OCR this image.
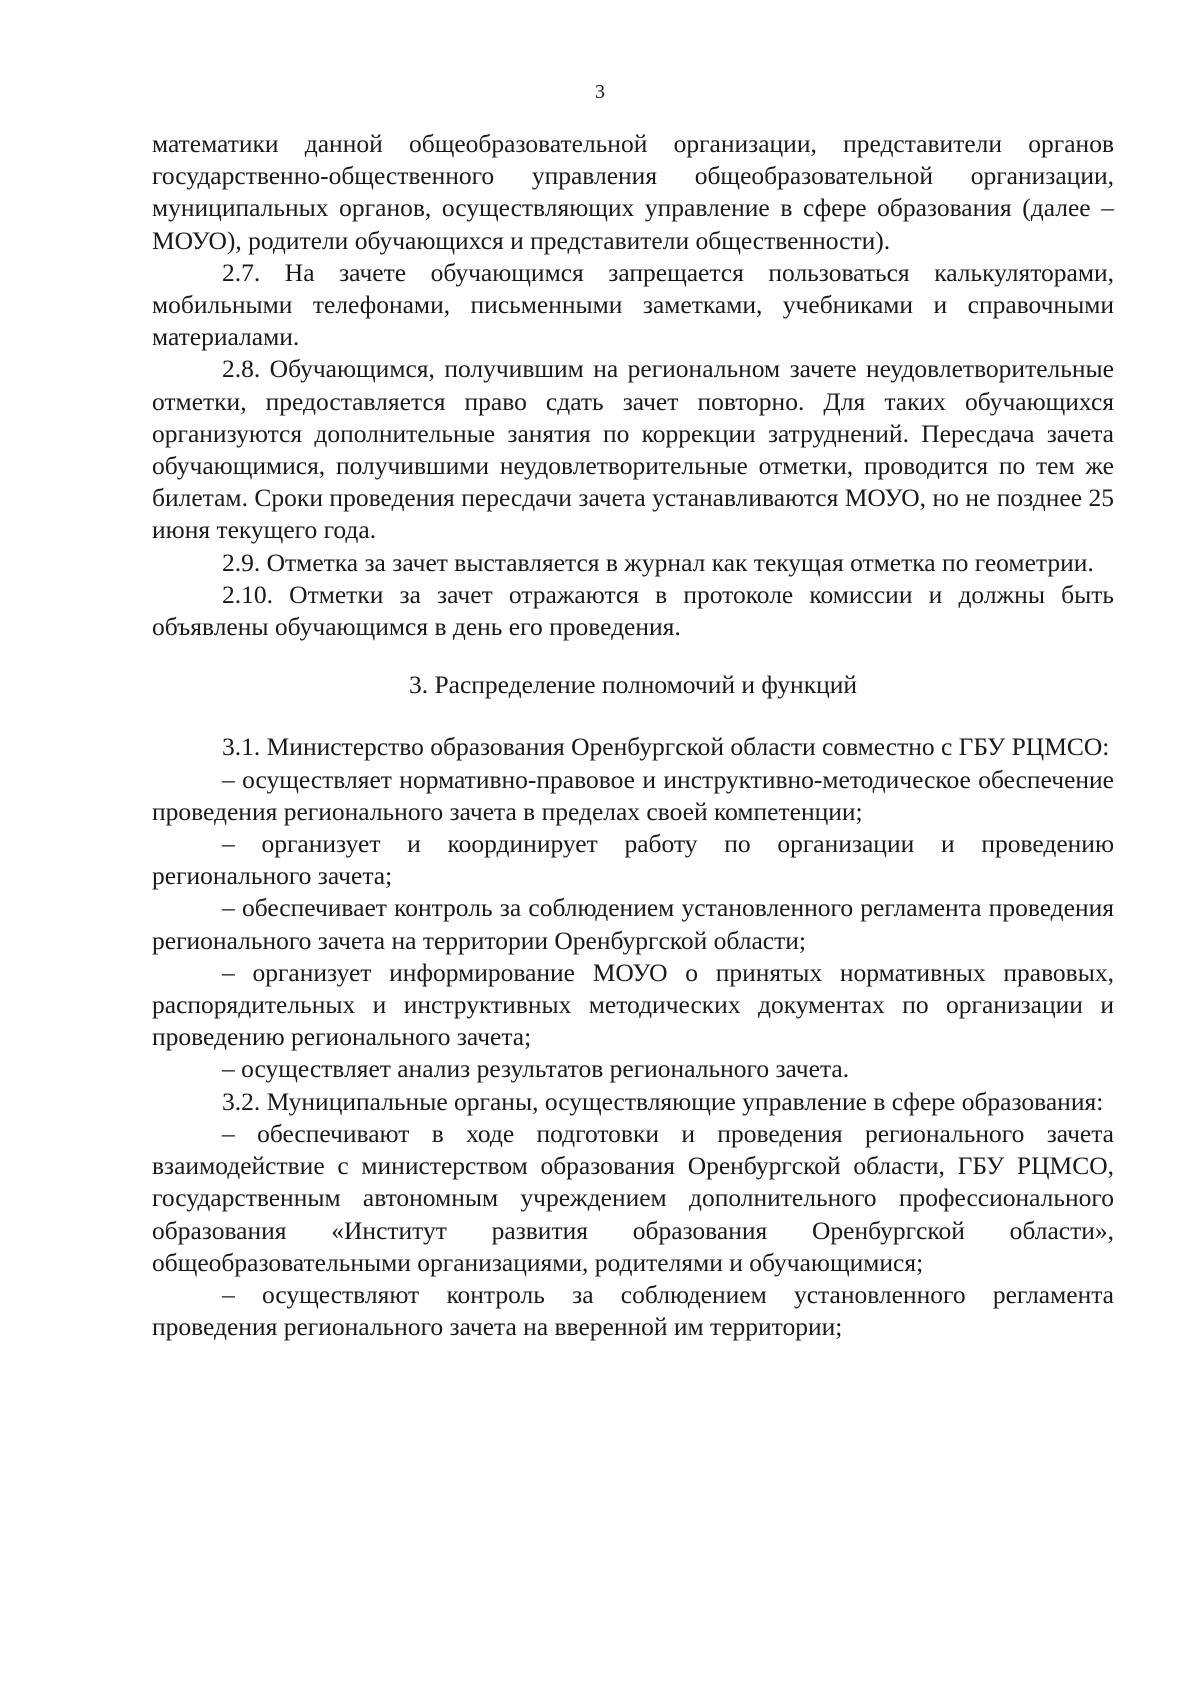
3

математики данной общеобразовательной организации, представители органов государственно-общественного управления общеобразовательной организации, муниципальных органов, осуществляющих управление в сфере образования (далее – МОУО), родители обучающихся и представители общественности).

2.7. На зачете обучающимся запрещается пользоваться калькуляторами, мобильными телефонами, письменными заметками, учебниками и справочными материалами.

2.8. Обучающимся, получившим на региональном зачете неудовлетворительные отметки, предоставляется право сдать зачет повторно. Для таких обучающихся организуются дополнительные занятия по коррекции затруднений. Пересдача зачета обучающимися, получившими неудовлетворительные отметки, проводится по тем же билетам. Сроки проведения пересдачи зачета устанавливаются МОУО, но не позднее 25 июня текущего года.

2.9. Отметка за зачет выставляется в журнал как текущая отметка по геометрии.

2.10. Отметки за зачет отражаются в протоколе комиссии и должны быть объявлены обучающимся в день его проведения.

3. Распределение полномочий и функций

3.1. Министерство образования Оренбургской области совместно с ГБУ РЦМСО:

– осуществляет нормативно-правовое и инструктивно-методическое обеспечение проведения регионального зачета в пределах своей компетенции;

– организует и координирует работу по организации и проведению регионального зачета;

– обеспечивает контроль за соблюдением установленного регламента проведения регионального зачета на территории Оренбургской области;

– организует информирование МОУО о принятых нормативных правовых, распорядительных и инструктивных методических документах по организации и проведению регионального зачета;

– осуществляет анализ результатов регионального зачета.

3.2. Муниципальные органы, осуществляющие управление в сфере образования:

– обеспечивают в ходе подготовки и проведения регионального зачета взаимодействие с министерством образования Оренбургской области, ГБУ РЦМСО, государственным автономным учреждением дополнительного профессионального образования «Институт развития образования Оренбургской области», общеобразовательными организациями, родителями и обучающимися;

– осуществляют контроль за соблюдением установленного регламента проведения регионального зачета на вверенной им территории;
